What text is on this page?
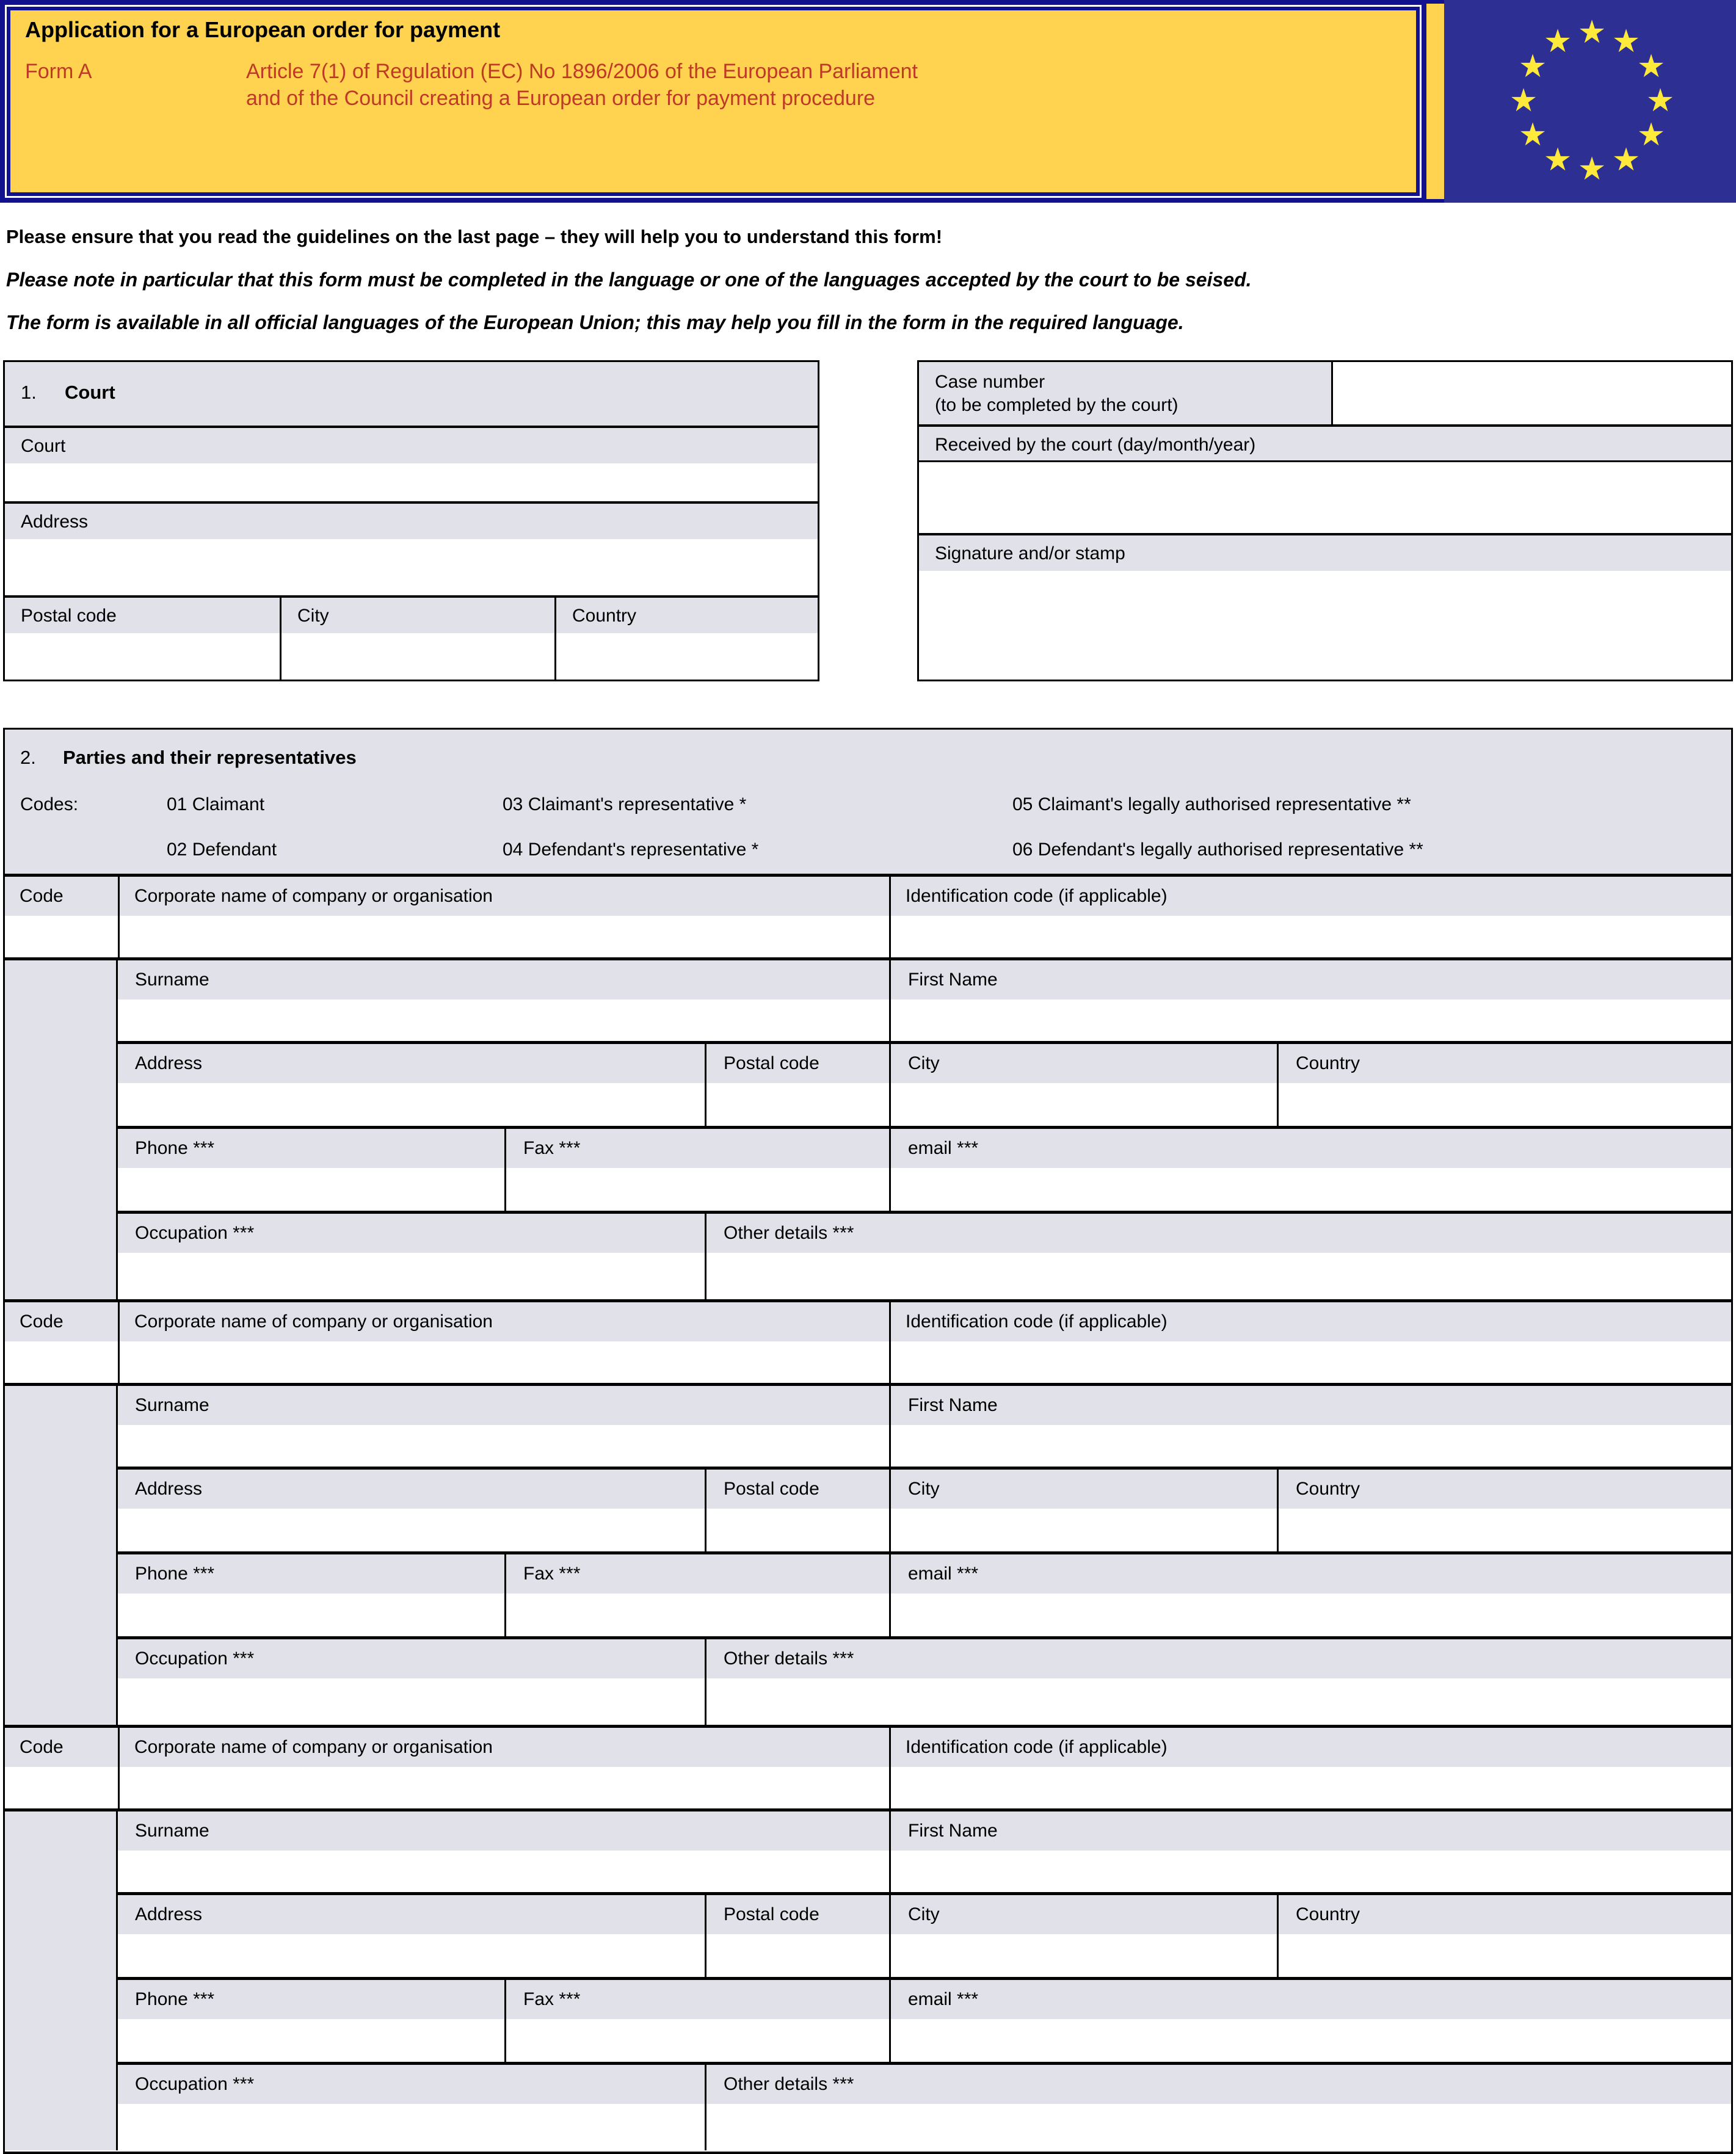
Application for a European order for payment
Form A	Article 7(1) of Regulation (EC) No 1896/2006 of the European Parliament
and of the Council creating a European order for payment procedure
★
★
★
★
★
★
★
★
★
★
★
★

Please ensure that you read the guidelines on the last page – they will help you to understand this form!

Please note in particular that this form must be completed in the language or one of the languages accepted by the court to be seised.

The form is available in all official languages of the European Union; this may help you fill in the form in the required language.

1. Court
Court
Address
Postal code	City	Country
Case number
(to be completed by the court)
Received by the court (day/month/year)
Signature and/or stamp
2. Parties and their representatives
Codes:	01 Claimant	03 Claimant's representative *	05 Claimant's legally authorised representative **
02 Defendant	04 Defendant's representative *	06 Defendant's legally authorised representative **
Code	Corporate name of company or organisation	Identification code (if applicable)
Surname	First Name
Address	Postal code	City	Country
Phone ***	Fax ***	email ***
Occupation ***	Other details ***
Code	Corporate name of company or organisation	Identification code (if applicable)
Surname	First Name
Address	Postal code	City	Country
Phone ***	Fax ***	email ***
Occupation ***	Other details ***
Code	Corporate name of company or organisation	Identification code (if applicable)
Surname	First Name
Address	Postal code	City	Country
Phone ***	Fax ***	email ***
Occupation ***	Other details ***
